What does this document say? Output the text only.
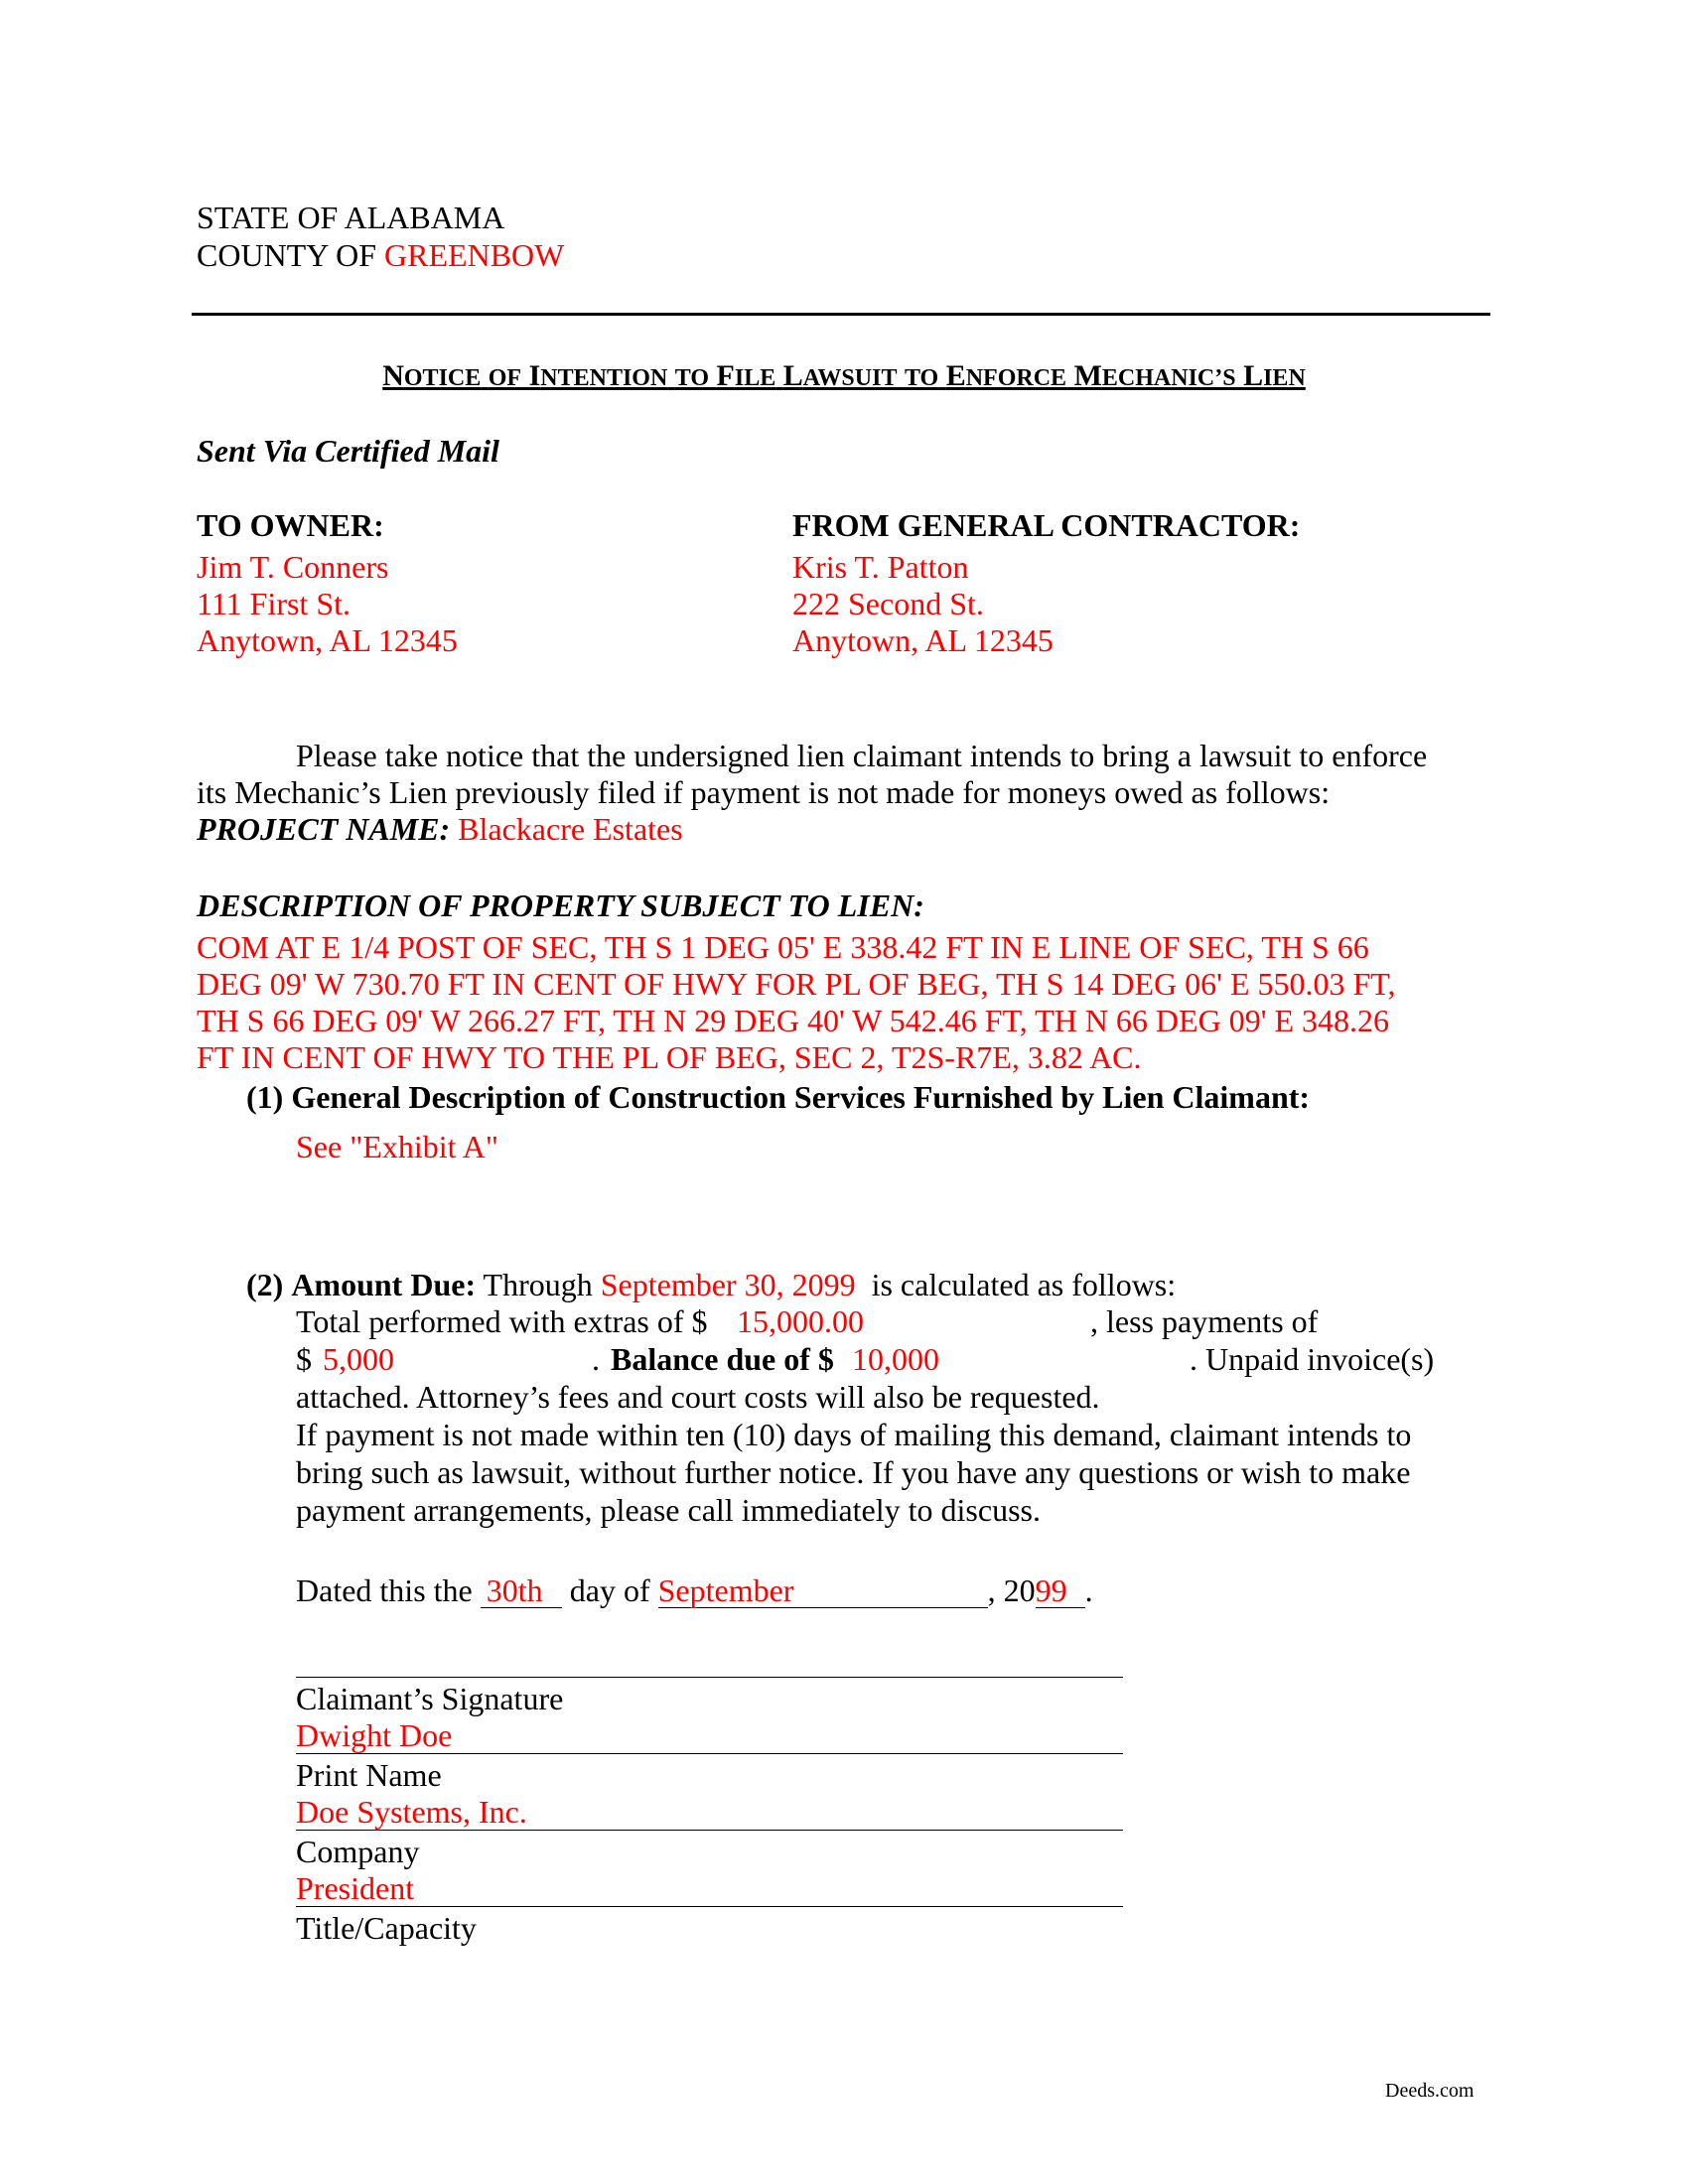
STATE OF ALABAMA
COUNTY OF GREENBOW
NOTICE OF INTENTION TO FILE LAWSUIT TO ENFORCE MECHANIC’S LIEN
Sent Via Certified Mail
TO OWNER:
Jim T. Conners
111 First St.
Anytown, AL 12345
FROM GENERAL CONTRACTOR:
Kris T. Patton
222 Second St.
Anytown, AL 12345
Please take notice that the undersigned lien claimant intends to bring a lawsuit to enforce
its Mechanic’s Lien previously filed if payment is not made for moneys owed as follows:
PROJECT NAME: Blackacre Estates
DESCRIPTION OF PROPERTY SUBJECT TO LIEN:
COM AT E 1/4 POST OF SEC, TH S 1 DEG 05' E 338.42 FT IN E LINE OF SEC, TH S 66
DEG 09' W 730.70 FT IN CENT OF HWY FOR PL OF BEG, TH S 14 DEG 06' E 550.03 FT,
TH S 66 DEG 09' W 266.27 FT, TH N 29 DEG 40' W 542.46 FT, TH N 66 DEG 09' E 348.26
FT IN CENT OF HWY TO THE PL OF BEG, SEC 2, T2S-R7E, 3.82 AC.
(1) General Description of Construction Services Furnished by Lien Claimant:
See "Exhibit A"
(2) Amount Due: Through September 30, 2099 is calculated as follows:
Total performed with extras of $ 15,000.00	, less payments of
$ 5,000	. Balance due of $ 10,000	. Unpaid invoice(s)
attached. Attorney’s fees and court costs will also be requested.
If payment is not made within ten (10) days of mailing this demand, claimant intends to
bring such as lawsuit, without further notice. If you have any questions or wish to make
payment arrangements, please call immediately to discuss.
Dated this the 30th day of September	, 2099 .
Claimant’s Signature
Dwight Doe
Print Name
Doe Systems, Inc.
Company
President
Title/Capacity
Deeds.com
